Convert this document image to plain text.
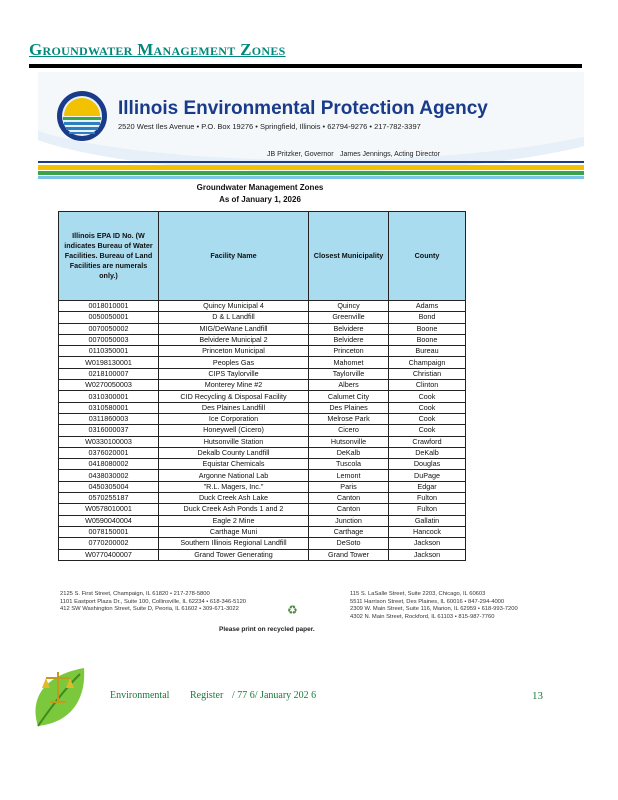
Groundwater Management Zones
Illinois Environmental Protection Agency
2520 West Iles Avenue • P.O. Box 19276 • Springfield, Illinois • 62794-9276 • 217-782-3397
JB Pritzker, Governor James Jennings, Acting Director
Groundwater Management Zones
As of January 1, 2026
Illinois EPA ID No. (W indicates Bureau of Water Facilities. Bureau of Land Facilities are numerals only.)	Facility Name	Closest Municipality	County
0018010001	Quincy Municipal 4	Quincy	Adams
0050050001	D & L Landfill	Greenville	Bond
0070050002	MIG/DeWane Landfill	Belvidere	Boone
0070050003	Belvidere Municipal 2	Belvidere	Boone
0110350001	Princeton Municipal	Princeton	Bureau
W0198130001	Peoples Gas	Mahomet	Champaign
0218100007	CIPS Taylorville	Taylorville	Christian
W0270050003	Monterey Mine #2	Albers	Clinton
0310300001	CID Recycling & Disposal Facility	Calumet City	Cook
0310580001	Des Plaines Landfill	Des Plaines	Cook
0311860003	Ice Corporation	Melrose Park	Cook
0316000037	Honeywell (Cicero)	Cicero	Cook
W0330100003	Hutsonville Station	Hutsonville	Crawford
0376020001	Dekalb County Landfill	DeKalb	DeKalb
0418080002	Equistar Chemicals	Tuscola	Douglas
0438030002	Argonne National Lab	Lemont	DuPage
0450305004	"R.L. Magers, Inc."	Paris	Edgar
0570255187	Duck Creek Ash Lake	Canton	Fulton
W0578010001	Duck Creek Ash Ponds 1 and 2	Canton	Fulton
W0590040004	Eagle 2 Mine	Junction	Gallatin
0078150001	Carthage Muni	Carthage	Hancock
0770200002	Southern Illinois Regional Landfill	DeSoto	Jackson
W0770400007	Grand Tower Generating	Grand Tower	Jackson
2125 S. First Street, Champaign, IL 61820 • 217-278-5800
1101 Eastport Plaza Dr., Suite 100, Collinsville, IL 62234 • 618-346-5120
412 SW Washington Street, Suite D, Peoria, IL 61602 • 309-671-3022
115 S. LaSalle Street, Suite 2203, Chicago, IL 60603
5511 Harrison Street, Des Plaines, IL 60016 • 847-294-4000
2309 W. Main Street, Suite 116, Marion, IL 62959 • 618-993-7200
4302 N. Main Street, Rockford, IL 61103 • 815-987-7760
♻
Please print on recycled paper.
Environmental Register / 77 6/ January 202 6	13
